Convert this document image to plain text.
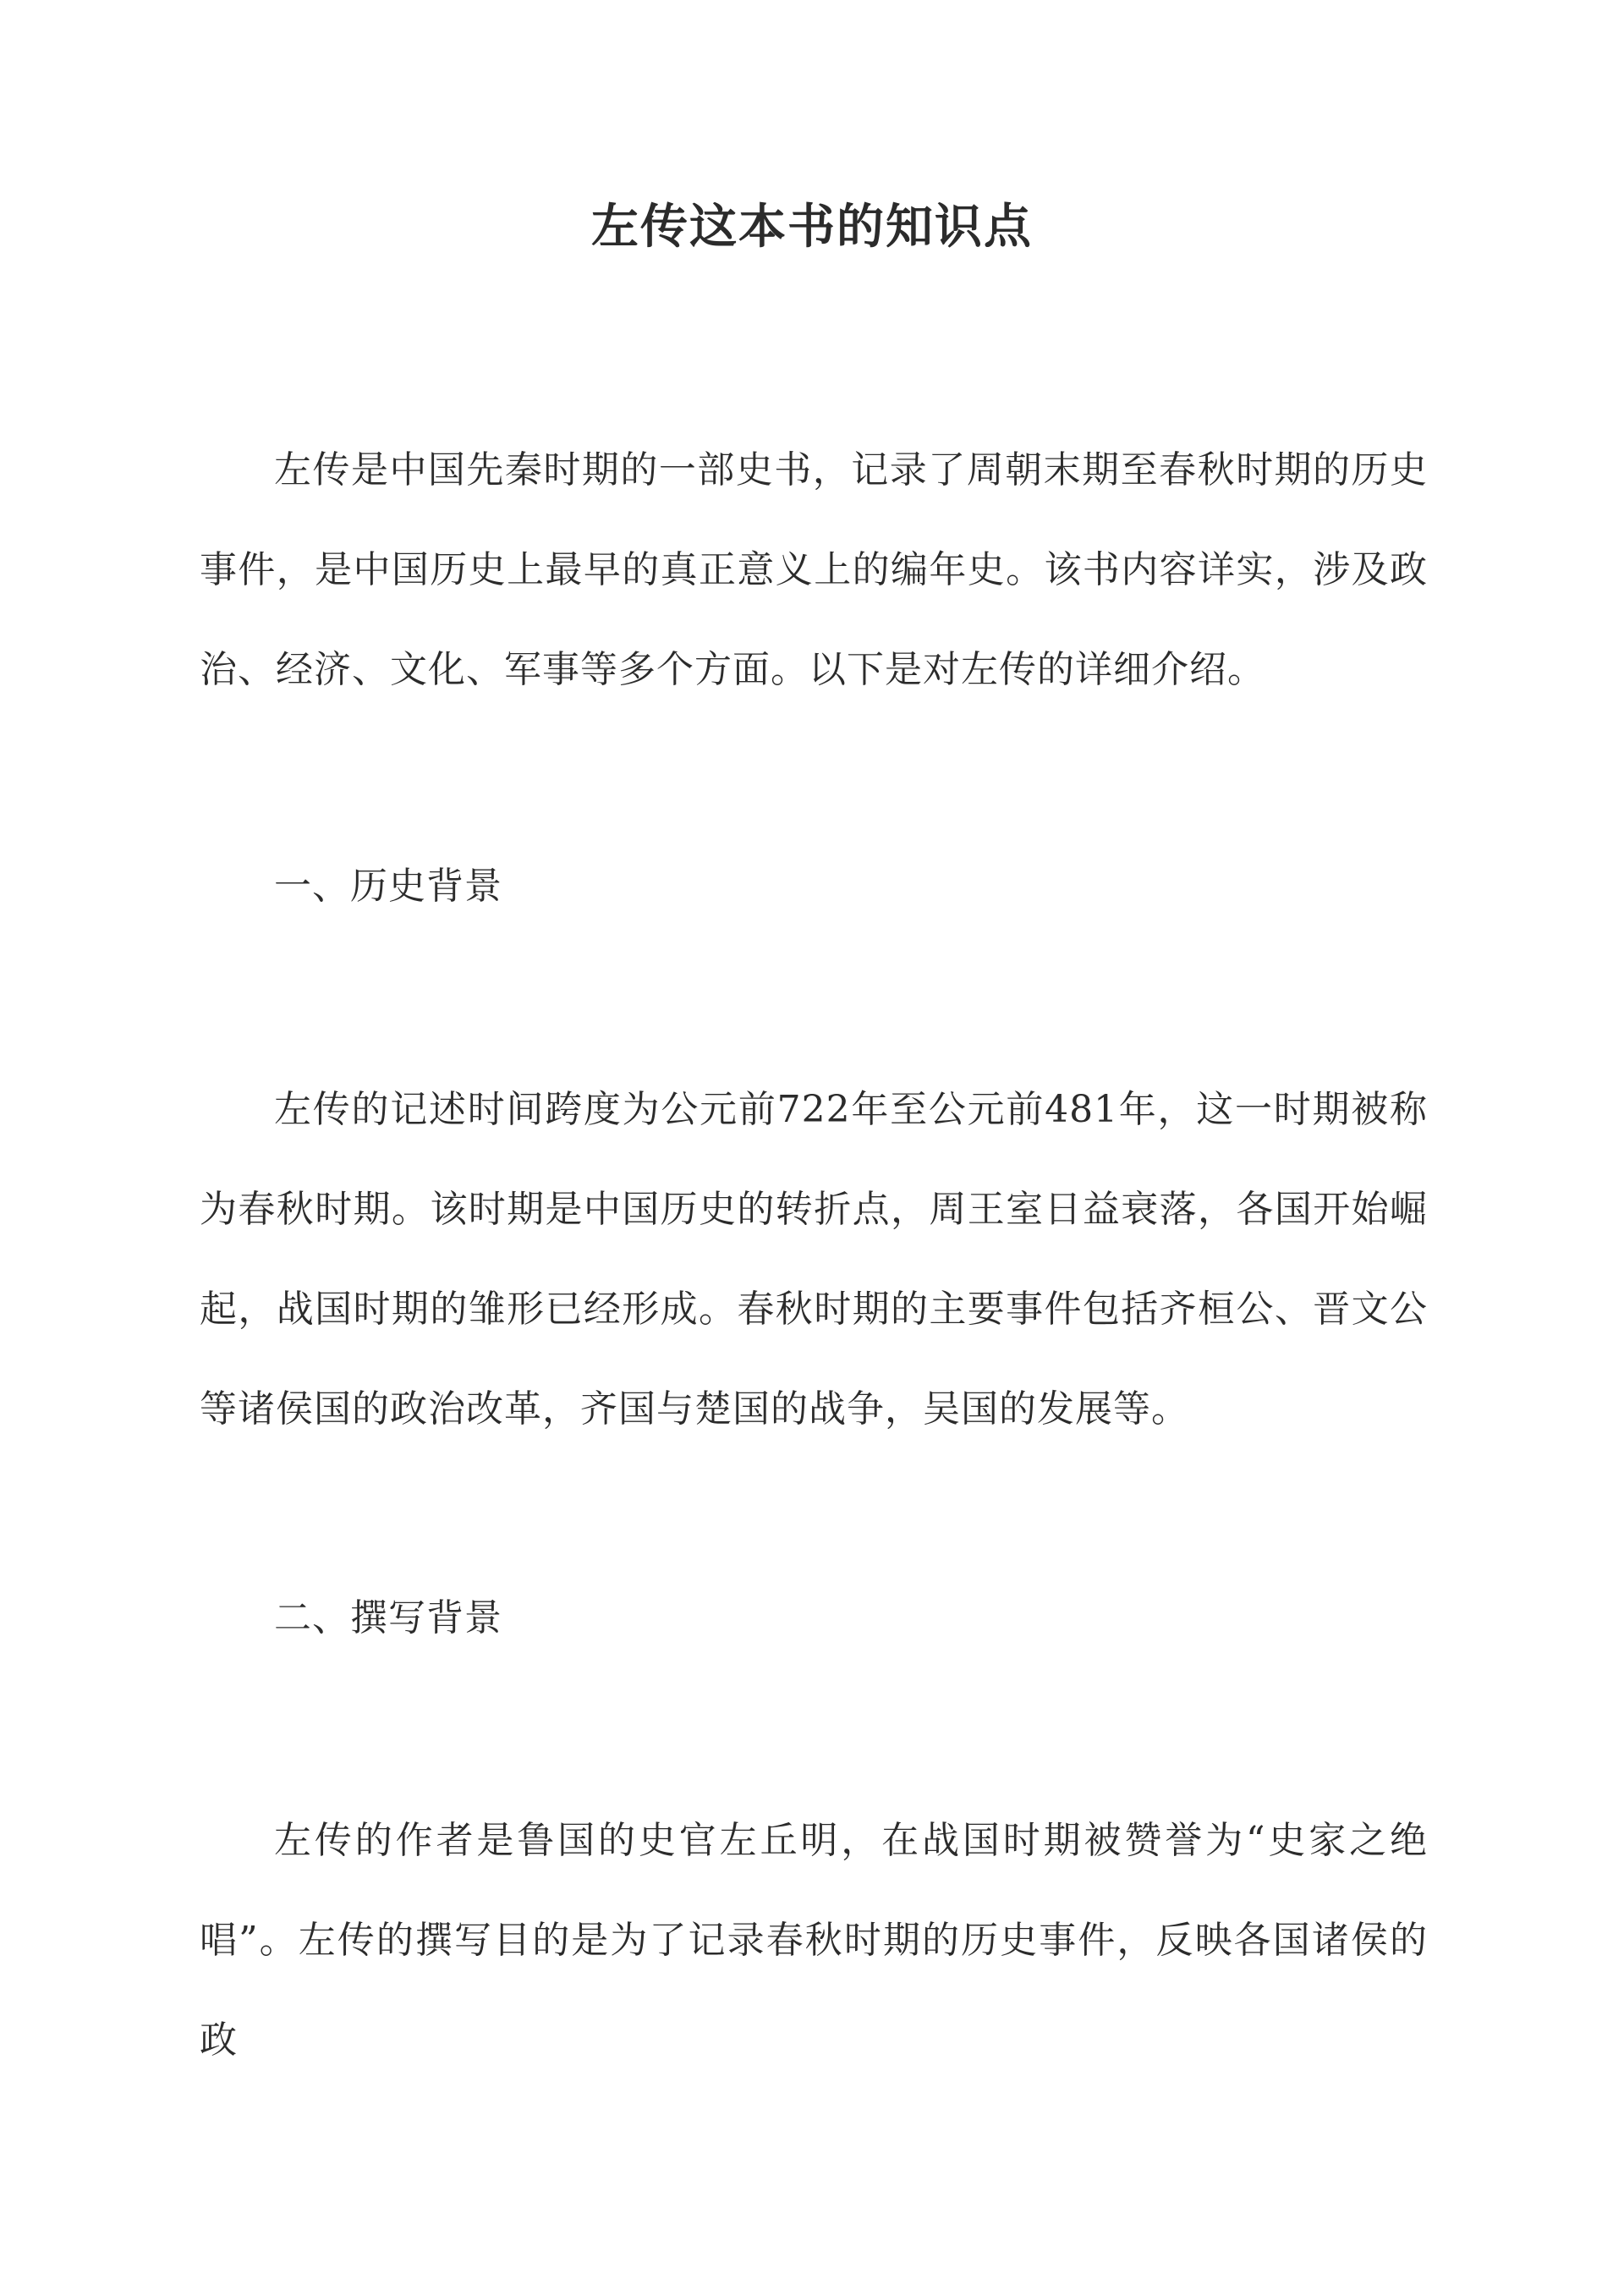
左传这本书的知识点

左传是中国先秦时期的一部史书，记录了周朝末期至春秋时期的历史事件，是中国历史上最早的真正意义上的编年史。该书内容详实，涉及政治、经济、文化、军事等多个方面。以下是对左传的详细介绍。

一、历史背景

左传的记述时间跨度为公元前722年至公元前481年，这一时期被称为春秋时期。该时期是中国历史的转折点，周王室日益衰落，各国开始崛起，战国时期的雏形已经形成。春秋时期的主要事件包括齐桓公、晋文公等诸侯国的政治改革，齐国与楚国的战争，吴国的发展等。

二、撰写背景

左传的作者是鲁国的史官左丘明，在战国时期被赞誉为“史家之绝唱”。左传的撰写目的是为了记录春秋时期的历史事件，反映各国诸侯的政
